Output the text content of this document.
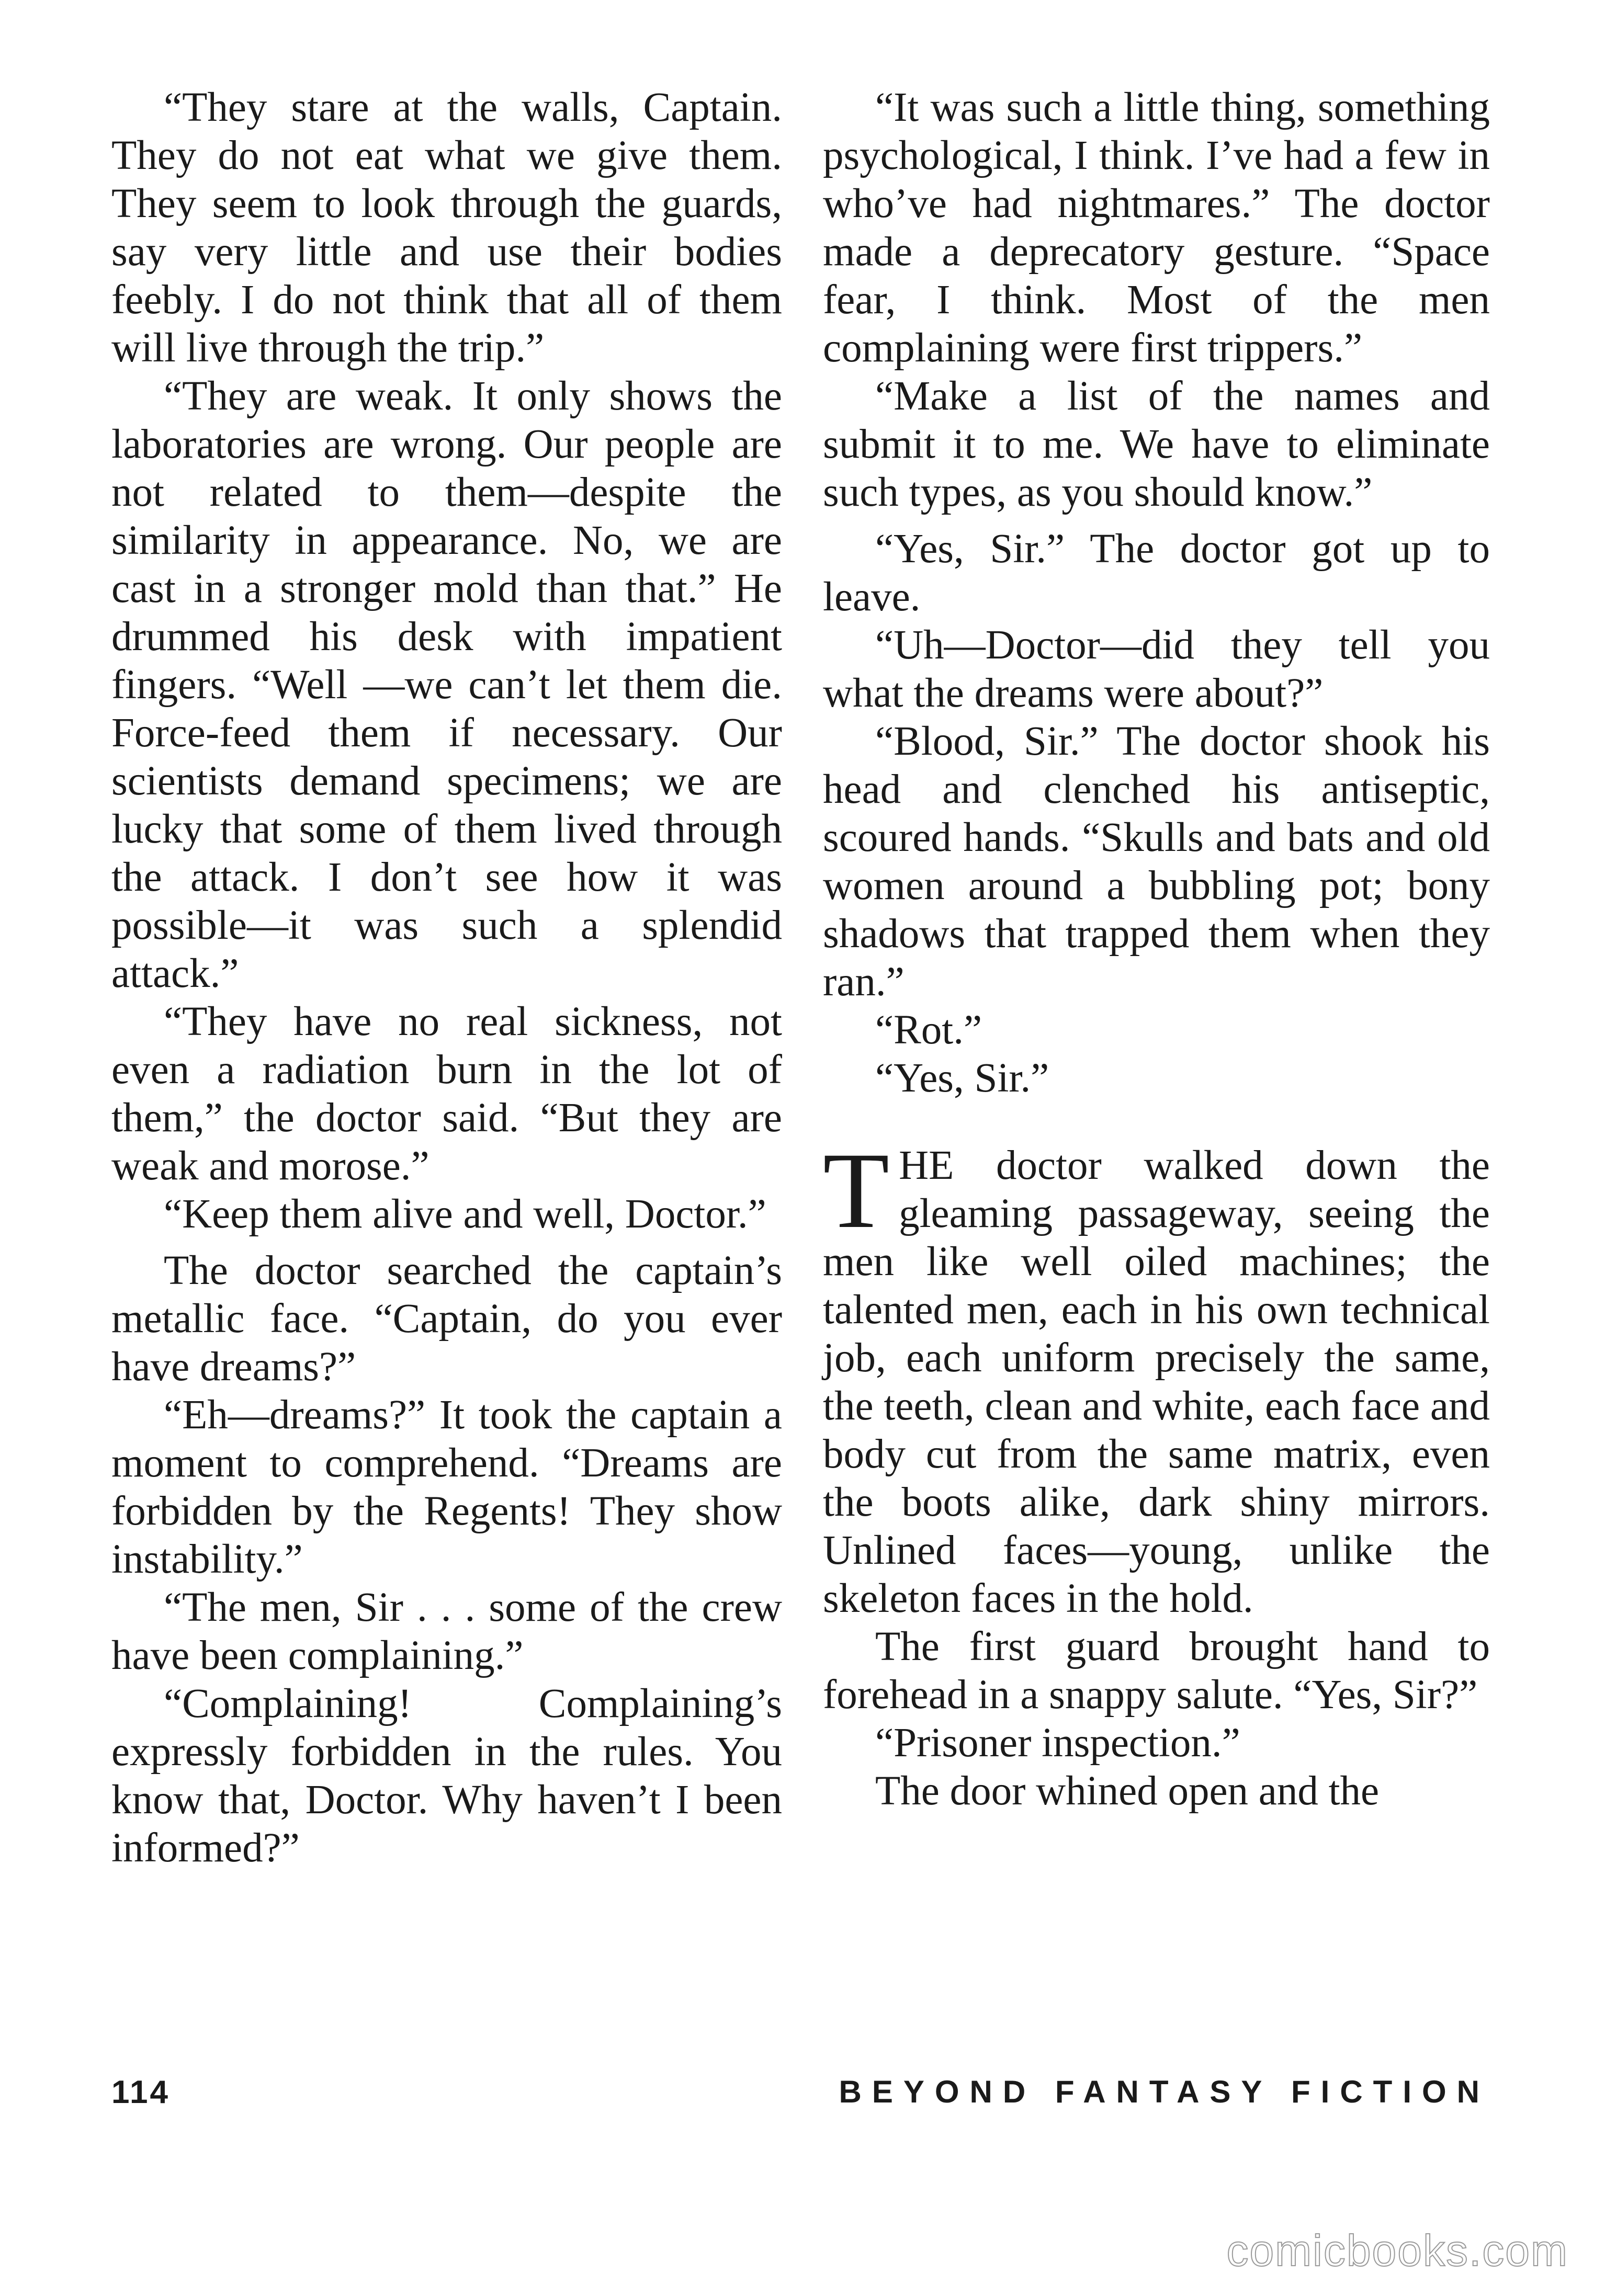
“They stare at the walls, Captain. They do not eat what we give them. They seem to look through the guards, say very little and use their bodies feebly. I do not think that all of them will live through the trip.”

“They are weak. It only shows the laboratories are wrong. Our people are not related to them—despite the similarity in appearance. No, we are cast in a stronger mold than that.” He drummed his desk with impatient fingers. “Well —we can’t let them die. Force-feed them if necessary. Our scientists demand specimens; we are lucky that some of them lived through the attack. I don’t see how it was possible—it was such a splendid attack.”

“They have no real sickness, not even a radiation burn in the lot of them,” the doctor said. “But they are weak and morose.”

“Keep them alive and well, Doctor.”

The doctor searched the captain’s metallic face. “Captain, do you ever have dreams?”

“Eh—dreams?” It took the captain a moment to comprehend. “Dreams are forbidden by the Regents! They show instability.”

“The men, Sir . . . some of the crew have been complaining.”

“Complaining! Complaining’s expressly forbidden in the rules. You know that, Doctor. Why haven’t I been informed?”

“It was such a little thing, something psychological, I think. I’ve had a few in who’ve had nightmares.” The doctor made a deprecatory gesture. “Space fear, I think. Most of the men complaining were first trippers.”

“Make a list of the names and submit it to me. We have to eliminate such types, as you should know.”

“Yes, Sir.” The doctor got up to leave.

“Uh—Doctor—did they tell you what the dreams were about?”

“Blood, Sir.” The doctor shook his head and clenched his antiseptic, scoured hands. “Skulls and bats and old women around a bubbling pot; bony shadows that trapped them when they ran.”

“Rot.”

“Yes, Sir.”

THE doctor walked down the gleaming passageway, seeing the men like well oiled machines; the talented men, each in his own technical job, each uniform precisely the same, the teeth, clean and white, each face and body cut from the same matrix, even the boots alike, dark shiny mirrors. Unlined faces—young, unlike the skeleton faces in the hold.

The first guard brought hand to forehead in a snappy salute. “Yes, Sir?”

“Prisoner inspection.”

The door whined open and the

114	BEYOND FANTASY FICTION
comicbooks.com
